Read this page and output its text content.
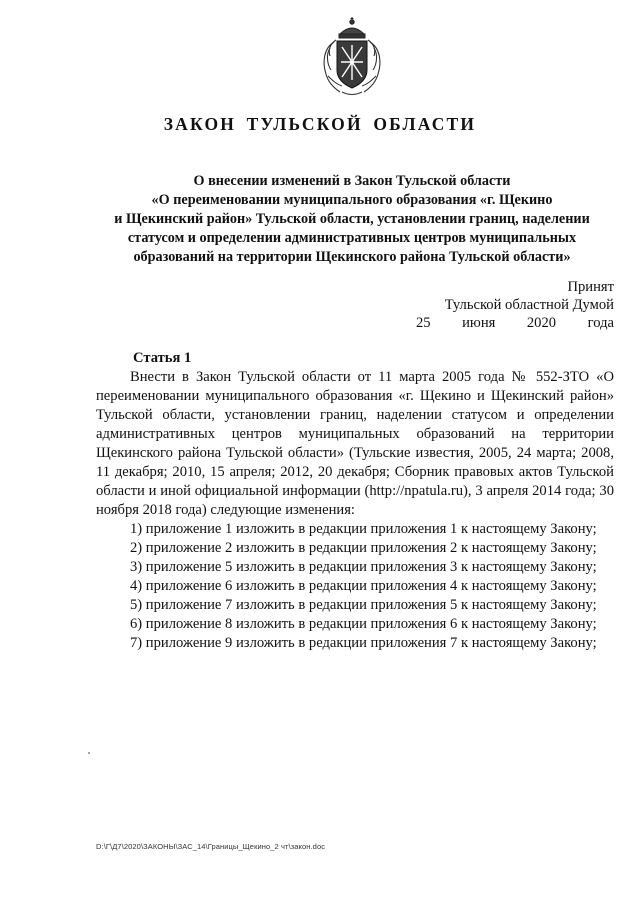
ЗАКОН ТУЛЬСКОЙ ОБЛАСТИ
О внесении изменений в Закон Тульской области
«О переименовании муниципального образования «г. Щекино
и Щекинский район» Тульской области, установлении границ, наделении
статусом и определении административных центров муниципальных
образований на территории Щекинского района Тульской области»
Принят
Тульской областной Думой
25 июня 2020 года
Статья 1

Внести в Закон Тульской области от 11 марта 2005 года № 552-ЗТО «О переименовании муниципального образования «г. Щекино и Щекинский район» Тульской области, установлении границ, наделении статусом и определении административных центров муниципальных образований на территории Щекинского района Тульской области» (Тульские известия, 2005, 24 марта; 2008, 11 декабря; 2010, 15 апреля; 2012, 20 декабря; Сборник правовых актов Тульской области и иной официальной информации (http://npatula.ru), 3 апреля 2014 года; 30 ноября 2018 года) следующие изменения:

1) приложение 1 изложить в редакции приложения 1 к настоящему Закону;

2) приложение 2 изложить в редакции приложения 2 к настоящему Закону;

3) приложение 5 изложить в редакции приложения 3 к настоящему Закону;

4) приложение 6 изложить в редакции приложения 4 к настоящему Закону;

5) приложение 7 изложить в редакции приложения 5 к настоящему Закону;

6) приложение 8 изложить в редакции приложения 6 к настоящему Закону;

7) приложение 9 изложить в редакции приложения 7 к настоящему Закону;

D:\Г\Д7\2020\ЗАКОНЫ\ЗАС_14\Границы_Щекино_2 чт\закон.doc
